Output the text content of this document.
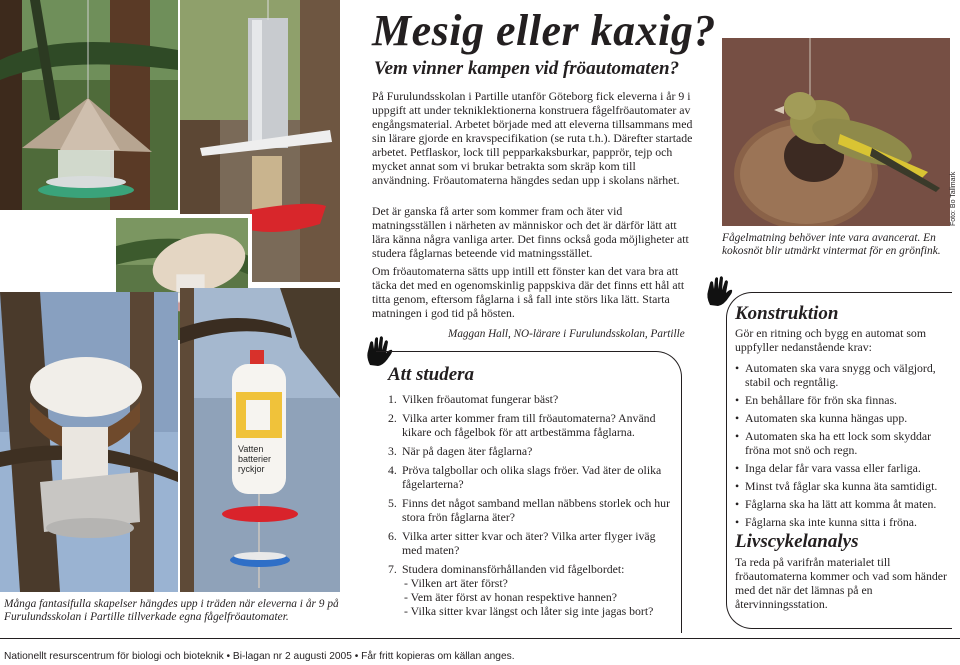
Vatten
batterier
ryckjor

Många fantasifulla skapelser hängdes upp i träden när eleverna i år 9 på Furulundsskolan i Partille tillverkade egna fågelfröautomater.

Mesig eller kaxig?
Vem vinner kampen vid fröautomaten?

På Furulundsskolan i Partille utanför Göteborg fick eleverna i år 9 i uppgift att under tekniklektionerna konstruera fågelfröautomater av engångsmaterial. Arbetet började med att eleverna tillsammans med sin lärare gjorde en kravspecifikation (se ruta t.h.). Därefter startade arbetet. Petflaskor, lock till pepparkaksburkar, papprör, tejp och mycket annat som vi brukar betrakta som skräp kom till användning. Fröautomaterna hängdes sedan upp i skolans närhet.

Det är ganska få arter som kommer fram och äter vid matningsställen i närheten av människor och det är därför lätt att lära känna några vanliga arter. Det finns också goda möjligheter att studera fåglarnas beteende vid matningsstället.

Om fröautomaterna sätts upp intill ett fönster kan det vara bra att täcka det med en ogenomskinlig pappskiva där det finns ett hål att titta genom, eftersom fåglarna i så fall inte störs lika lätt. Starta matningen i god tid på hösten.

Maggan Hall, NO-lärare i Furulundsskolan, Partille

Att studera
1. Vilken fröautomat fungerar bäst?
2. Vilka arter kommer fram till fröautomaterna? Använd kikare och fågelbok för att artbestämma fåglarna.
3. När på dagen äter fåglarna?
4. Pröva talgbollar och olika slags fröer. Vad äter de olika fågelarterna?
5. Finns det något samband mellan näbbens storlek och hur stora frön fåglarna äter?
6. Vilka arter sitter kvar och äter? Vilka arter flyger iväg med maten?
7. Studera dominansförhållanden vid fågelbordet:
- Vilken art äter först?
- Vem äter först av honan respektive hannen?
- Vilka sitter kvar längst och låter sig inte jagas bort?
Foto: Bo Tallmark

Fågelmatning behöver inte vara avancerat. En kokosnöt blir utmärkt vintermat för en grönfink.

Konstruktion

Gör en ritning och bygg en automat som uppfyller nedanstående krav:

• Automaten ska vara snygg och välgjord, stabil och regntålig.
• En behållare för frön ska finnas.
• Automaten ska kunna hängas upp.
• Automaten ska ha ett lock som skyddar fröna mot snö och regn.
• Inga delar får vara vassa eller farliga.
• Minst två fåglar ska kunna äta samtidigt.
• Fåglarna ska ha lätt att komma åt maten.
• Fåglarna ska inte kunna sitta i fröna.
Livscykelanalys

Ta reda på varifrån materialet till fröautomaterna kommer och vad som händer med det när det lämnas på en återvinningsstation.

Nationellt resurscentrum för biologi och bioteknik • Bi-lagan nr 2 augusti 2005 • Får fritt kopieras om källan anges.
